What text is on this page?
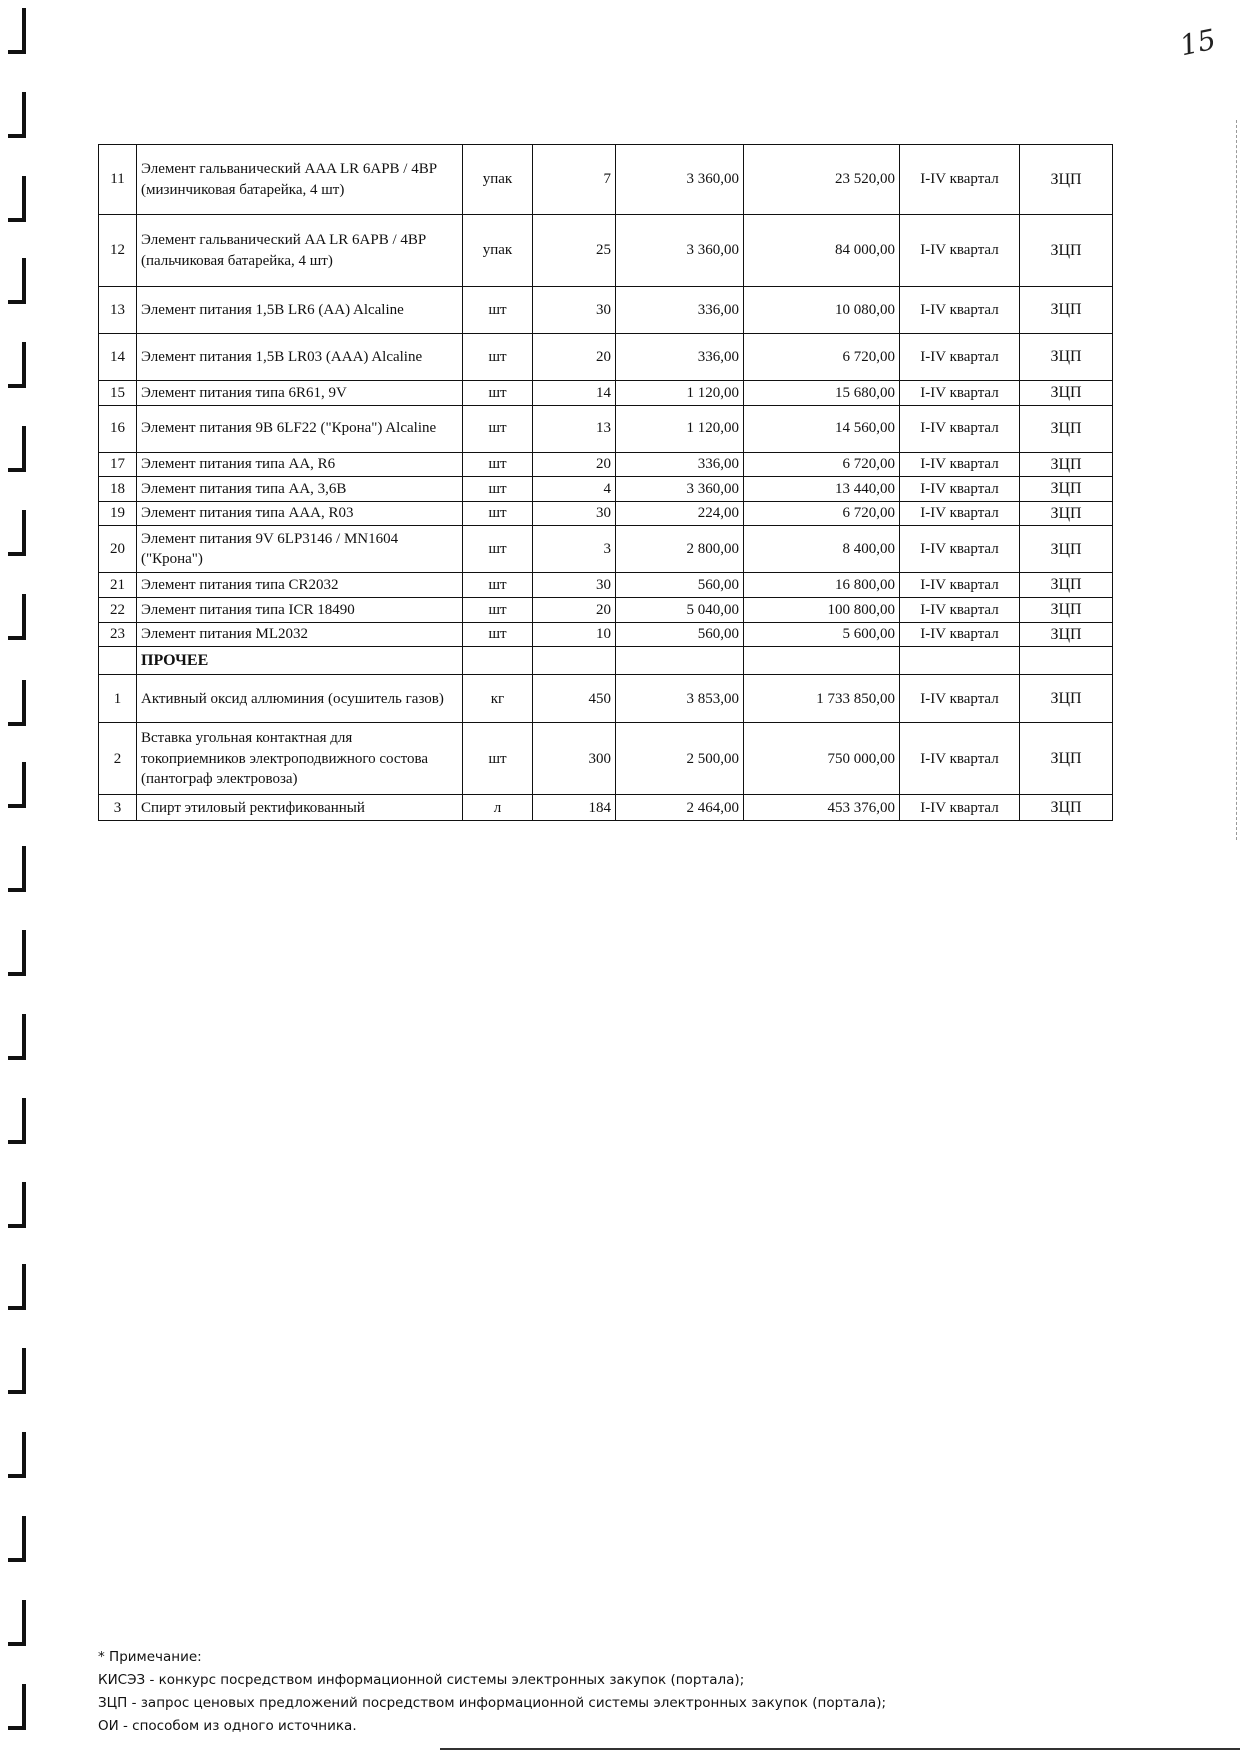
15
11	Элемент гальванический AAA LR 6APB / 4BP (мизинчиковая батарейка, 4 шт)	упак	7	3 360,00	23 520,00	I-IV квартал	ЗЦП
12	Элемент гальванический AA LR 6APB / 4BP (пальчиковая батарейка, 4 шт)	упак	25	3 360,00	84 000,00	I-IV квартал	ЗЦП
13	Элемент питания 1,5В LR6 (AA) Alcaline	шт	30	336,00	10 080,00	I-IV квартал	ЗЦП
14	Элемент питания 1,5В LR03 (AAA) Alcaline	шт	20	336,00	6 720,00	I-IV квартал	ЗЦП
15	Элемент питания типа 6R61, 9V	шт	14	1 120,00	15 680,00	I-IV квартал	ЗЦП
16	Элемент питания 9В 6LF22 ("Крона") Alcaline	шт	13	1 120,00	14 560,00	I-IV квартал	ЗЦП
17	Элемент питания типа AA, R6	шт	20	336,00	6 720,00	I-IV квартал	ЗЦП
18	Элемент питания типа AA, 3,6В	шт	4	3 360,00	13 440,00	I-IV квартал	ЗЦП
19	Элемент питания типа AAA, R03	шт	30	224,00	6 720,00	I-IV квартал	ЗЦП
20	Элемент питания 9V 6LP3146 / MN1604 ("Крона")	шт	3	2 800,00	8 400,00	I-IV квартал	ЗЦП
21	Элемент питания типа CR2032	шт	30	560,00	16 800,00	I-IV квартал	ЗЦП
22	Элемент питания типа ICR 18490	шт	20	5 040,00	100 800,00	I-IV квартал	ЗЦП
23	Элемент питания ML2032	шт	10	560,00	5 600,00	I-IV квартал	ЗЦП
	ПРОЧЕЕ						
1	Активный оксид аллюминия (осушитель газов)	кг	450	3 853,00	1 733 850,00	I-IV квартал	ЗЦП
2	Вставка угольная контактная для токоприемников электроподвижного состова (пантограф электровоза)	шт	300	2 500,00	750 000,00	I-IV квартал	ЗЦП
3	Спирт этиловый ректификованный	л	184	2 464,00	453 376,00	I-IV квартал	ЗЦП
* Примечание:
КИСЭЗ - конкурс посредством информационной системы электронных закупок (портала);
ЗЦП - запрос ценовых предложений посредством информационной системы электронных закупок (портала);
ОИ - способом из одного источника.
